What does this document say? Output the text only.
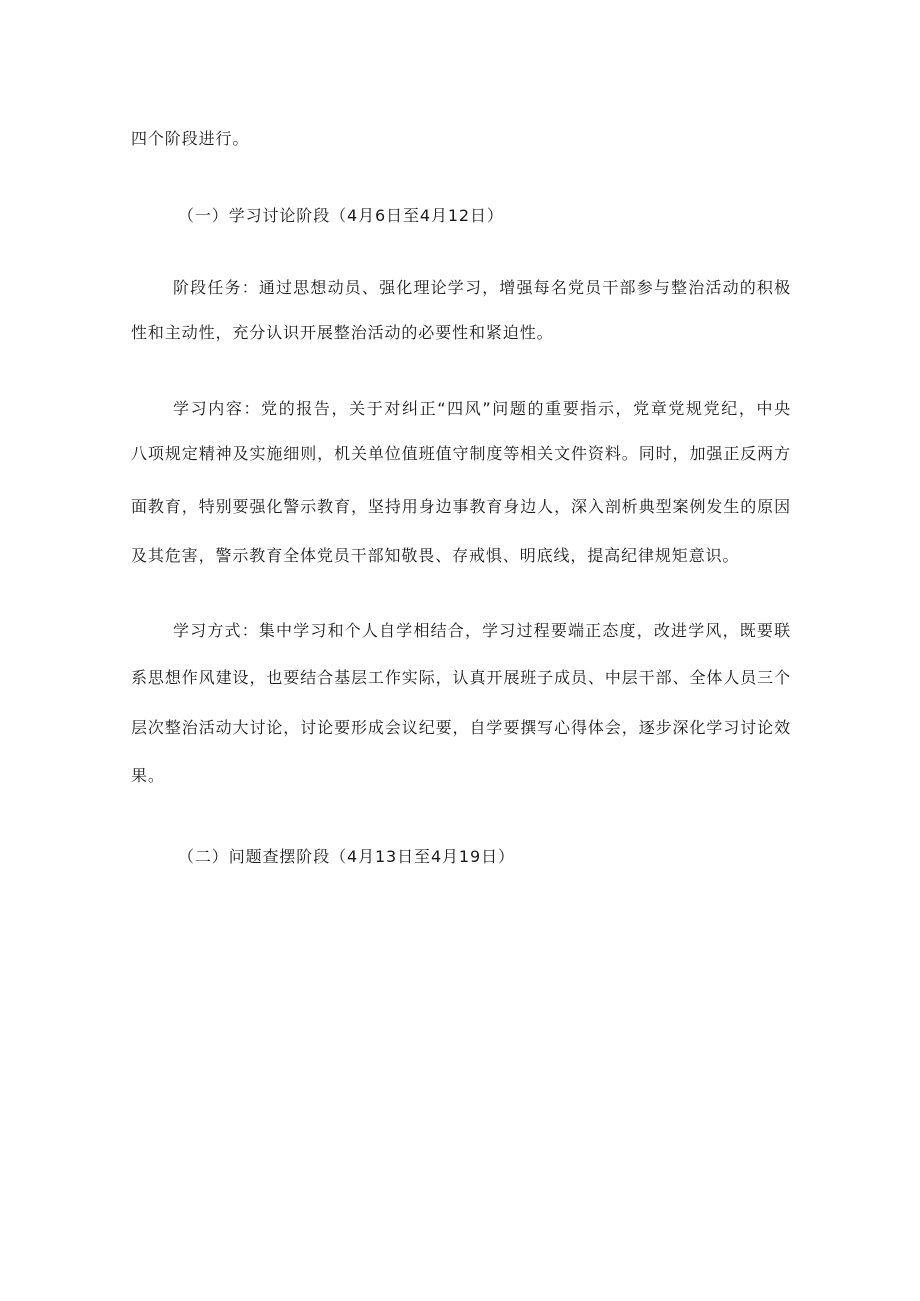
四个阶段进行。
（一）学习讨论阶段（4月6日至4月12日）
阶段任务：通过思想动员、强化理论学习，增强每名党员干部参与整治活动的积极
性和主动性，充分认识开展整治活动的必要性和紧迫性。
学习内容：党的报告，关于对纠正“四风”问题的重要指示，党章党规党纪，中央
八项规定精神及实施细则，机关单位值班值守制度等相关文件资料。同时，加强正反两方
面教育，特别要强化警示教育，坚持用身边事教育身边人，深入剖析典型案例发生的原因
及其危害，警示教育全体党员干部知敬畏、存戒惧、明底线，提高纪律规矩意识。
学习方式：集中学习和个人自学相结合，学习过程要端正态度，改进学风，既要联
系思想作风建设，也要结合基层工作实际，认真开展班子成员、中层干部、全体人员三个
层次整治活动大讨论，讨论要形成会议纪要，自学要撰写心得体会，逐步深化学习讨论效
果。
（二）问题查摆阶段（4月13日至4月19日）
